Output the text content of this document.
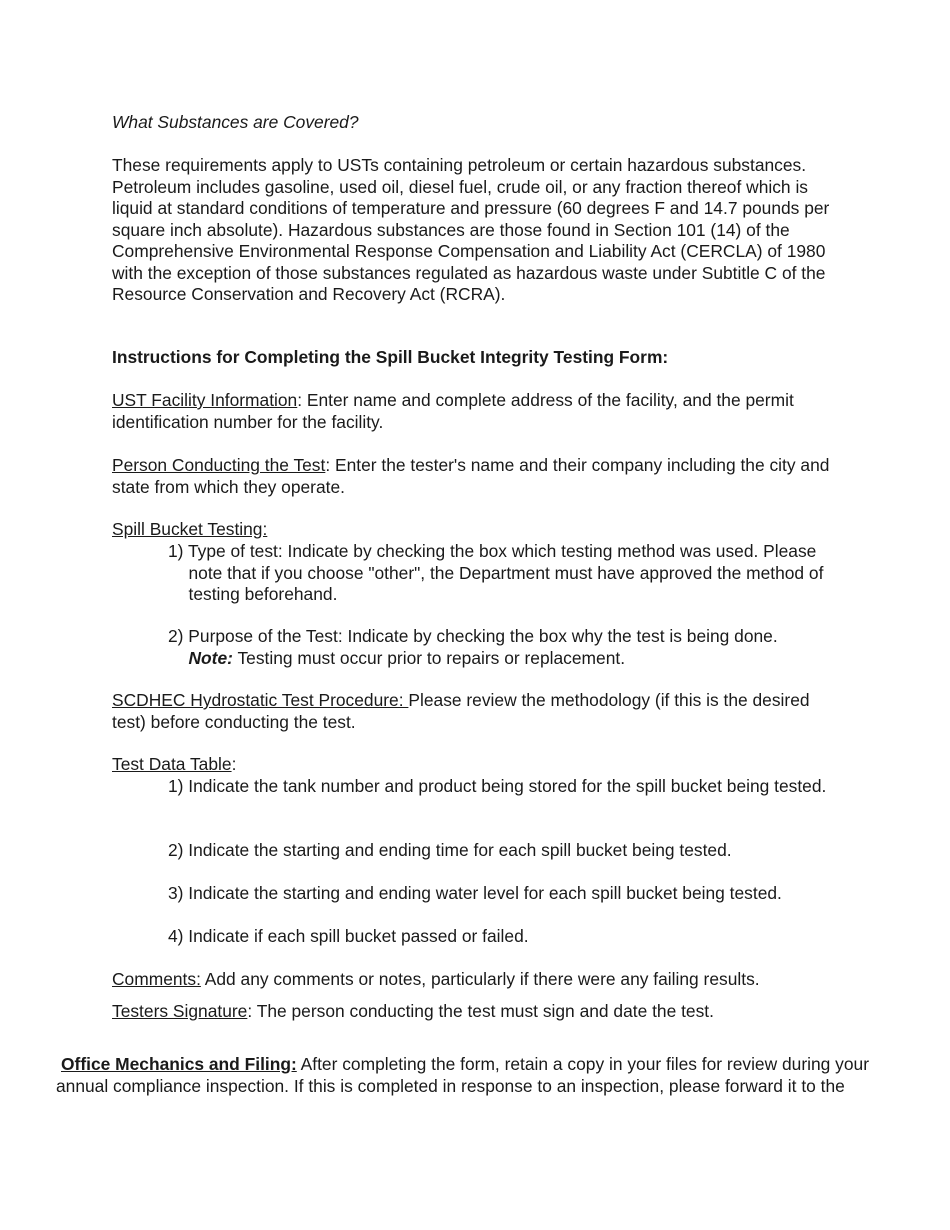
What Substances are Covered?

These requirements apply to USTs containing petroleum or certain hazardous substances. Petroleum includes gasoline, used oil, diesel fuel, crude oil, or any fraction thereof which is liquid at standard conditions of temperature and pressure (60 degrees F and 14.7 pounds per square inch absolute). Hazardous substances are those found in Section 101 (14) of the Comprehensive Environmental Response Compensation and Liability Act (CERCLA) of 1980 with the exception of those substances regulated as hazardous waste under Subtitle C of the Resource Conservation and Recovery Act (RCRA).

Instructions for Completing the Spill Bucket Integrity Testing Form:

UST Facility Information: Enter name and complete address of the facility, and the permit identification number for the facility.

Person Conducting the Test: Enter the tester's name and their company including the city and state from which they operate.

Spill Bucket Testing:

1) Type of test: Indicate by checking the box which testing method was used. Please note that if you choose "other", the Department must have approved the method of testing beforehand.

2) Purpose of the Test: Indicate by checking the box why the test is being done. Note: Testing must occur prior to repairs or replacement.

SCDHEC Hydrostatic Test Procedure: Please review the methodology (if this is the desired test) before conducting the test.

Test Data Table:

1) Indicate the tank number and product being stored for the spill bucket being tested.

2) Indicate the starting and ending time for each spill bucket being tested.

3) Indicate the starting and ending water level for each spill bucket being tested.

4) Indicate if each spill bucket passed or failed.

Comments: Add any comments or notes, particularly if there were any failing results.

Testers Signature: The person conducting the test must sign and date the test.

Office Mechanics and Filing: After completing the form, retain a copy in your files for review during your
annual compliance inspection. If this is completed in response to an inspection, please forward it to the
